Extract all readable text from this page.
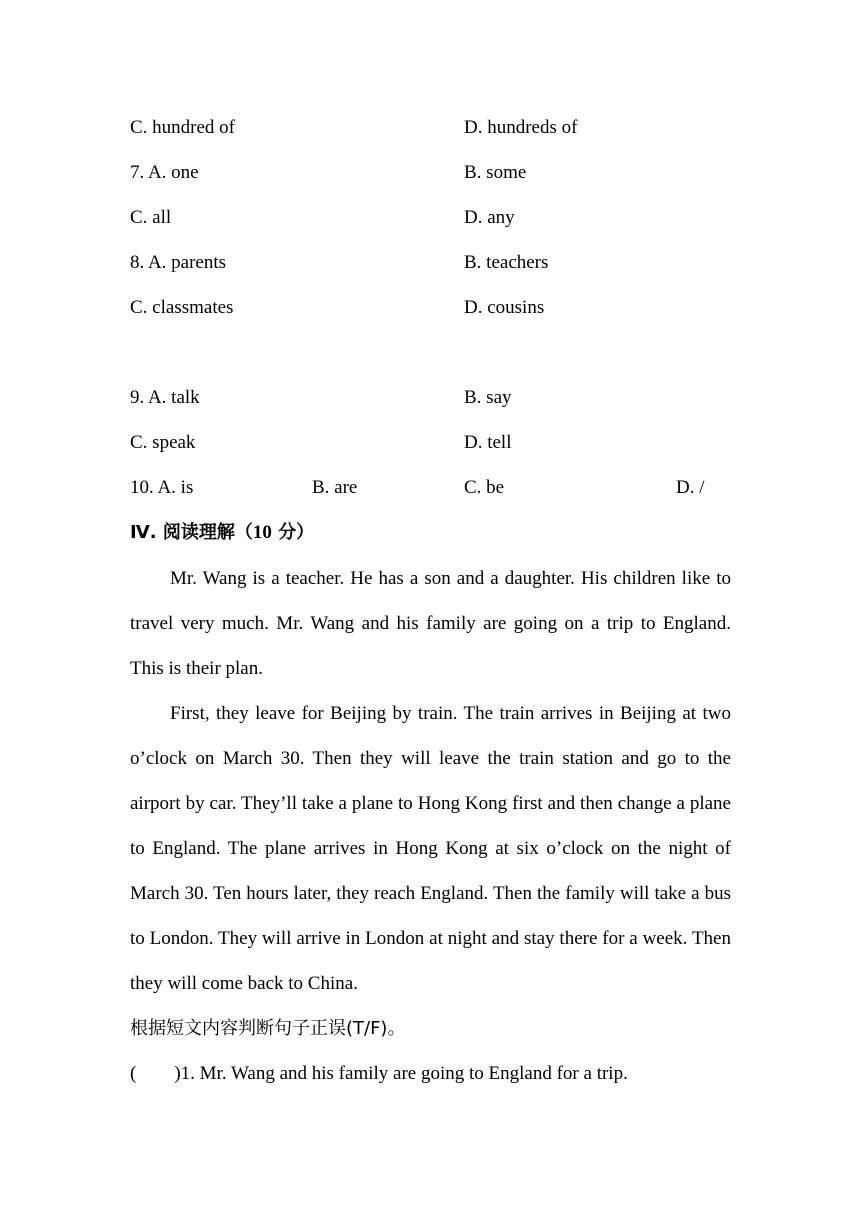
C. hundred of	D. hundreds of
7. A. one	B. some
C. all	D. any
8. A. parents	B. teachers
C. classmates	D. cousins
9. A. talk	B. say
C. speak	D. tell
10. A. is	B. are	C. be	D. /
Ⅳ. 阅读理解（10 分）

Mr. Wang is a teacher. He has a son and a daughter. His children like to travel very much. Mr. Wang and his family are going on a trip to England. This is their plan.

First, they leave for Beijing by train. The train arrives in Beijing at two o’clock on March 30. Then they will leave the train station and go to the airport by car. They’ll take a plane to Hong Kong first and then change a plane to England. The plane arrives in Hong Kong at six o’clock on the night of March 30. Ten hours later, they reach England. Then the family will take a bus to London. They will arrive in London at night and stay there for a week. Then they will come back to China.

根据短文内容判断句子正误(T/F)。
(        )1. Mr. Wang and his family are going to England for a trip.
